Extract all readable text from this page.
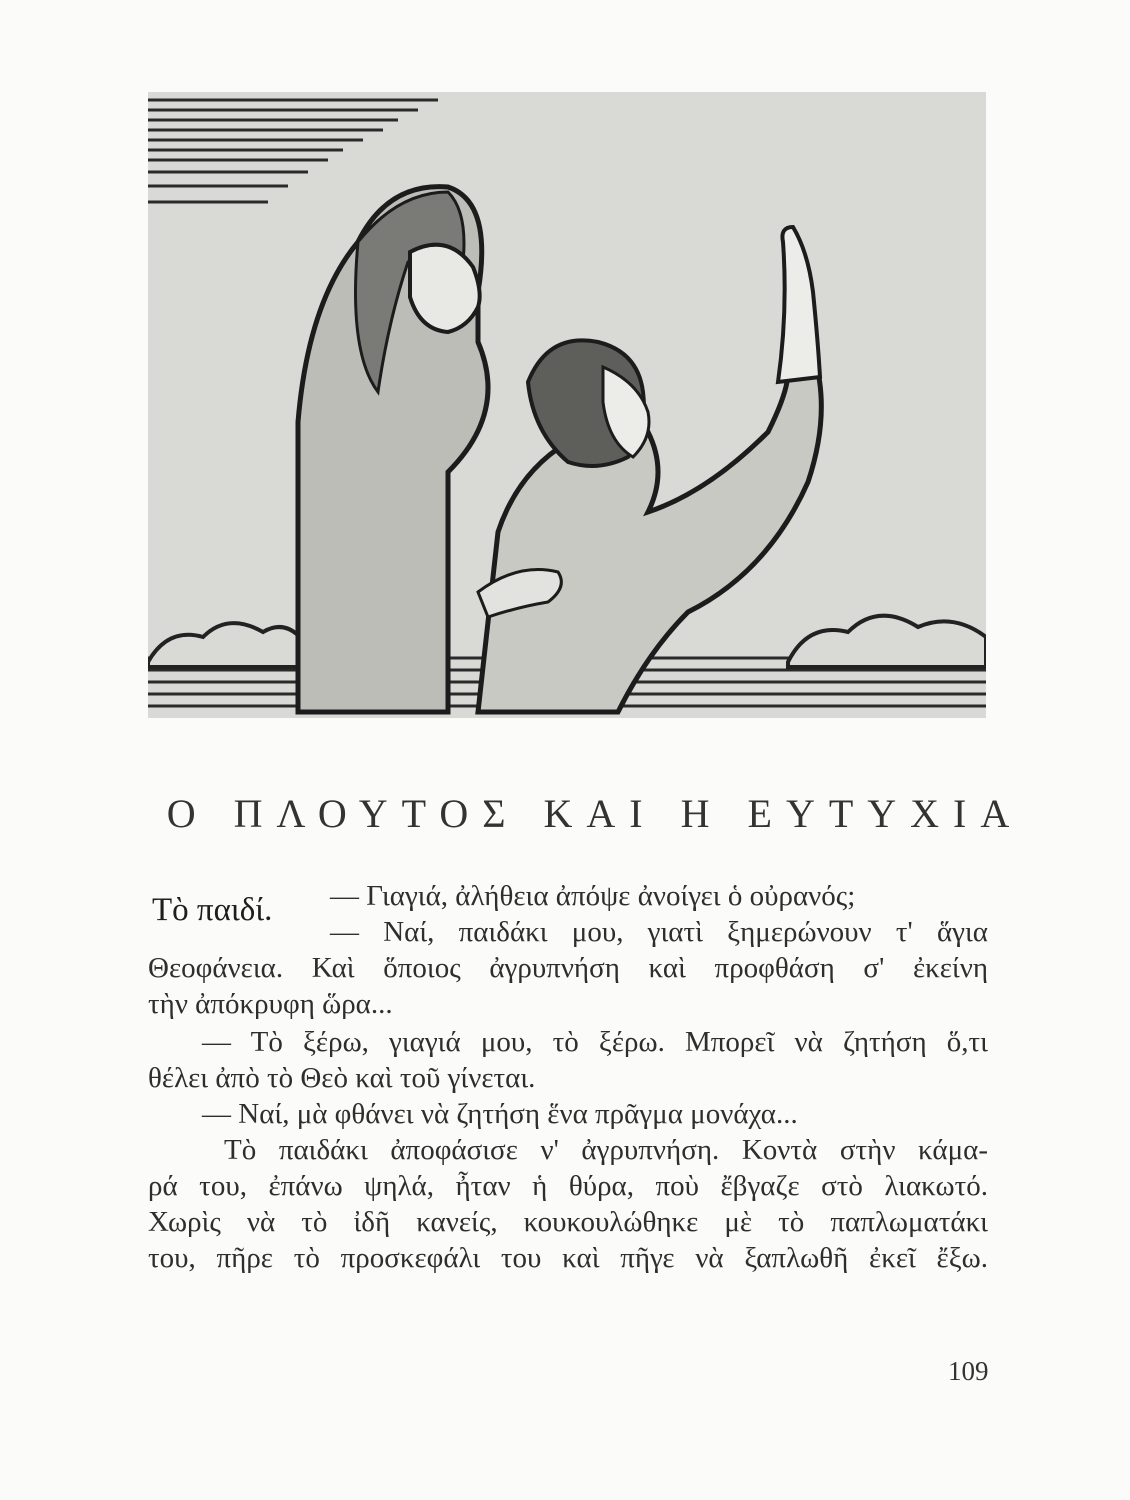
Ο ΠΛΟΥΤΟΣ ΚΑΙ Η ΕΥΤΥΧΙΑ
Τὸ παιδί. — Γιαγιά, ἀλήθεια ἀπόψε ἀνοίγει ὁ οὐρανός;
— Ναί, παιδάκι μου, γιατὶ ξημερώνουν τ' ἅγια
Θεοφάνεια. Καὶ ὅποιος ἀγρυπνήση καὶ προφθάση σ' ἐκείνη
τὴν ἀπόκρυφη ὥρα...
— Τὸ ξέρω, γιαγιά μου, τὸ ξέρω. Μπορεῖ νὰ ζητήση ὅ,τι
θέλει ἀπὸ τὸ Θεὸ καὶ τοῦ γίνεται.
— Ναί, μὰ φθάνει νὰ ζητήση ἕνα πρᾶγμα μονάχα...
Τὸ παιδάκι ἀποφάσισε ν' ἀγρυπνήση. Κοντὰ στὴν κάμα-
ρά του, ἐπάνω ψηλά, ἦταν ἡ θύρα, ποὺ ἔβγαζε στὸ λιακωτό.
Χωρὶς νὰ τὸ ἰδῆ κανείς, κουκουλώθηκε μὲ τὸ παπλωματάκι
του, πῆρε τὸ προσκεφάλι του καὶ πῆγε νὰ ξαπλωθῆ ἐκεῖ ἔξω.
109
